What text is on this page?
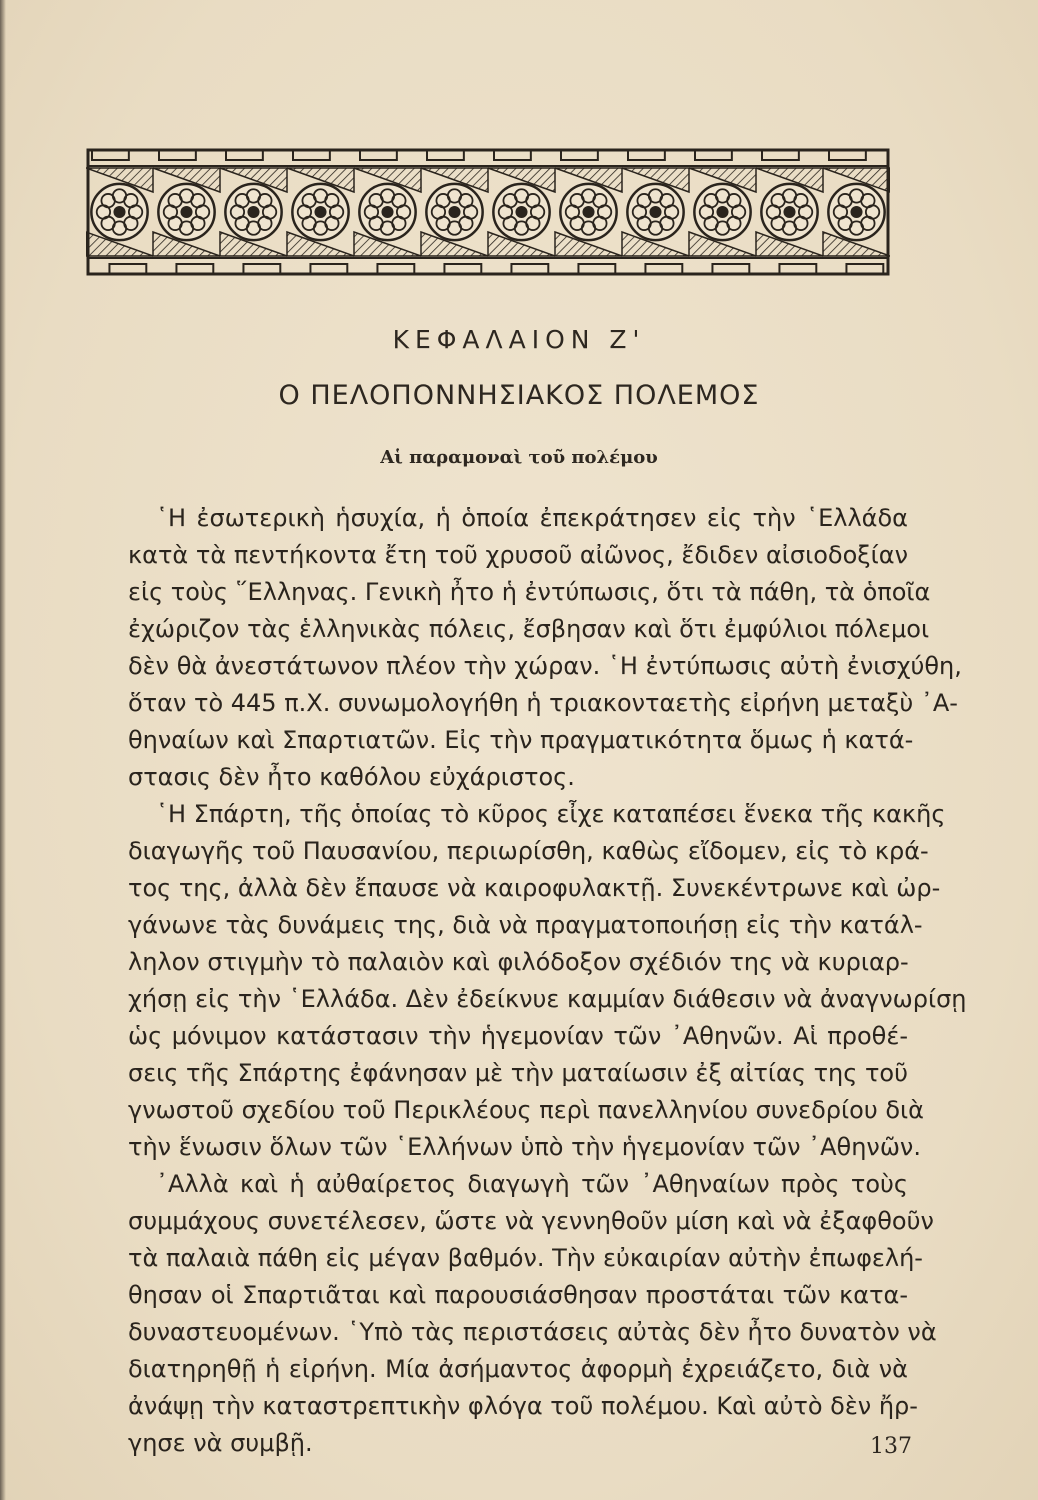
ΚΕΦΑΛΑΙΟΝ Ζ'
Ο ΠΕΛΟΠΟΝΝΗΣΙΑΚΟΣ ΠΟΛΕΜΟΣ
Αἱ παραμοναὶ τοῦ πολέμου
῾Η ἐσωτερικὴ ἡσυχία, ἡ ὁποία ἐπεκράτησεν εἰς τὴν ῾Ελλάδα
κατὰ τὰ πεντήκοντα ἔτη τοῦ χρυσοῦ αἰῶνος, ἔδιδεν αἰσιοδοξίαν
εἰς τοὺς ῞Ελληνας. Γενικὴ ἦτο ἡ ἐντύπωσις, ὅτι τὰ πάθη, τὰ ὁποῖα
ἐχώριζον τὰς ἑλληνικὰς πόλεις, ἔσβησαν καὶ ὅτι ἐμφύλιοι πόλεμοι
δὲν θὰ ἀνεστάτωνον πλέον τὴν χώραν. ῾Η ἐντύπωσις αὐτὴ ἐνισχύθη,
ὅταν τὸ 445 π.Χ. συνωμολογήθη ἡ τριακονταετὴς εἰρήνη μεταξὺ ᾿Α-
θηναίων καὶ Σπαρτιατῶν. Εἰς τὴν πραγματικότητα ὅμως ἡ κατά-
στασις δὲν ἦτο καθόλου εὐχάριστος.
῾Η Σπάρτη, τῆς ὁποίας τὸ κῦρος εἶχε καταπέσει ἕνεκα τῆς κακῆς
διαγωγῆς τοῦ Παυσανίου, περιωρίσθη, καθὼς εἴδομεν, εἰς τὸ κρά-
τος της, ἀλλὰ δὲν ἔπαυσε νὰ καιροφυλακτῇ. Συνεκέντρωνε καὶ ὠρ-
γάνωνε τὰς δυνάμεις της, διὰ νὰ πραγματοποιήσῃ εἰς τὴν κατάλ-
ληλον στιγμὴν τὸ παλαιὸν καὶ φιλόδοξον σχέδιόν της νὰ κυριαρ-
χήσῃ εἰς τὴν ῾Ελλάδα. Δὲν ἐδείκνυε καμμίαν διάθεσιν νὰ ἀναγνωρίσῃ
ὡς μόνιμον κατάστασιν τὴν ἡγεμονίαν τῶν ᾿Αθηνῶν. Αἱ προθέ-
σεις τῆς Σπάρτης ἐφάνησαν μὲ τὴν ματαίωσιν ἐξ αἰτίας της τοῦ
γνωστοῦ σχεδίου τοῦ Περικλέους περὶ πανελληνίου συνεδρίου διὰ
τὴν ἕνωσιν ὅλων τῶν ῾Ελλήνων ὑπὸ τὴν ἡγεμονίαν τῶν ᾿Αθηνῶν.
᾿Αλλὰ καὶ ἡ αὐθαίρετος διαγωγὴ τῶν ᾿Αθηναίων πρὸς τοὺς
συμμάχους συνετέλεσεν, ὥστε νὰ γεννηθοῦν μίση καὶ νὰ ἐξαφθοῦν
τὰ παλαιὰ πάθη εἰς μέγαν βαθμόν. Τὴν εὐκαιρίαν αὐτὴν ἐπωφελή-
θησαν οἱ Σπαρτιᾶται καὶ παρουσιάσθησαν προστάται τῶν κατα-
δυναστευομένων. ῾Υπὸ τὰς περιστάσεις αὐτὰς δὲν ἦτο δυνατὸν νὰ
διατηρηθῇ ἡ εἰρήνη. Μία ἀσήμαντος ἀφορμὴ ἐχρειάζετο, διὰ νὰ
ἀνάψῃ τὴν καταστρεπτικὴν φλόγα τοῦ πολέμου. Καὶ αὐτὸ δὲν ἤρ-
γησε νὰ συμβῇ.	137
